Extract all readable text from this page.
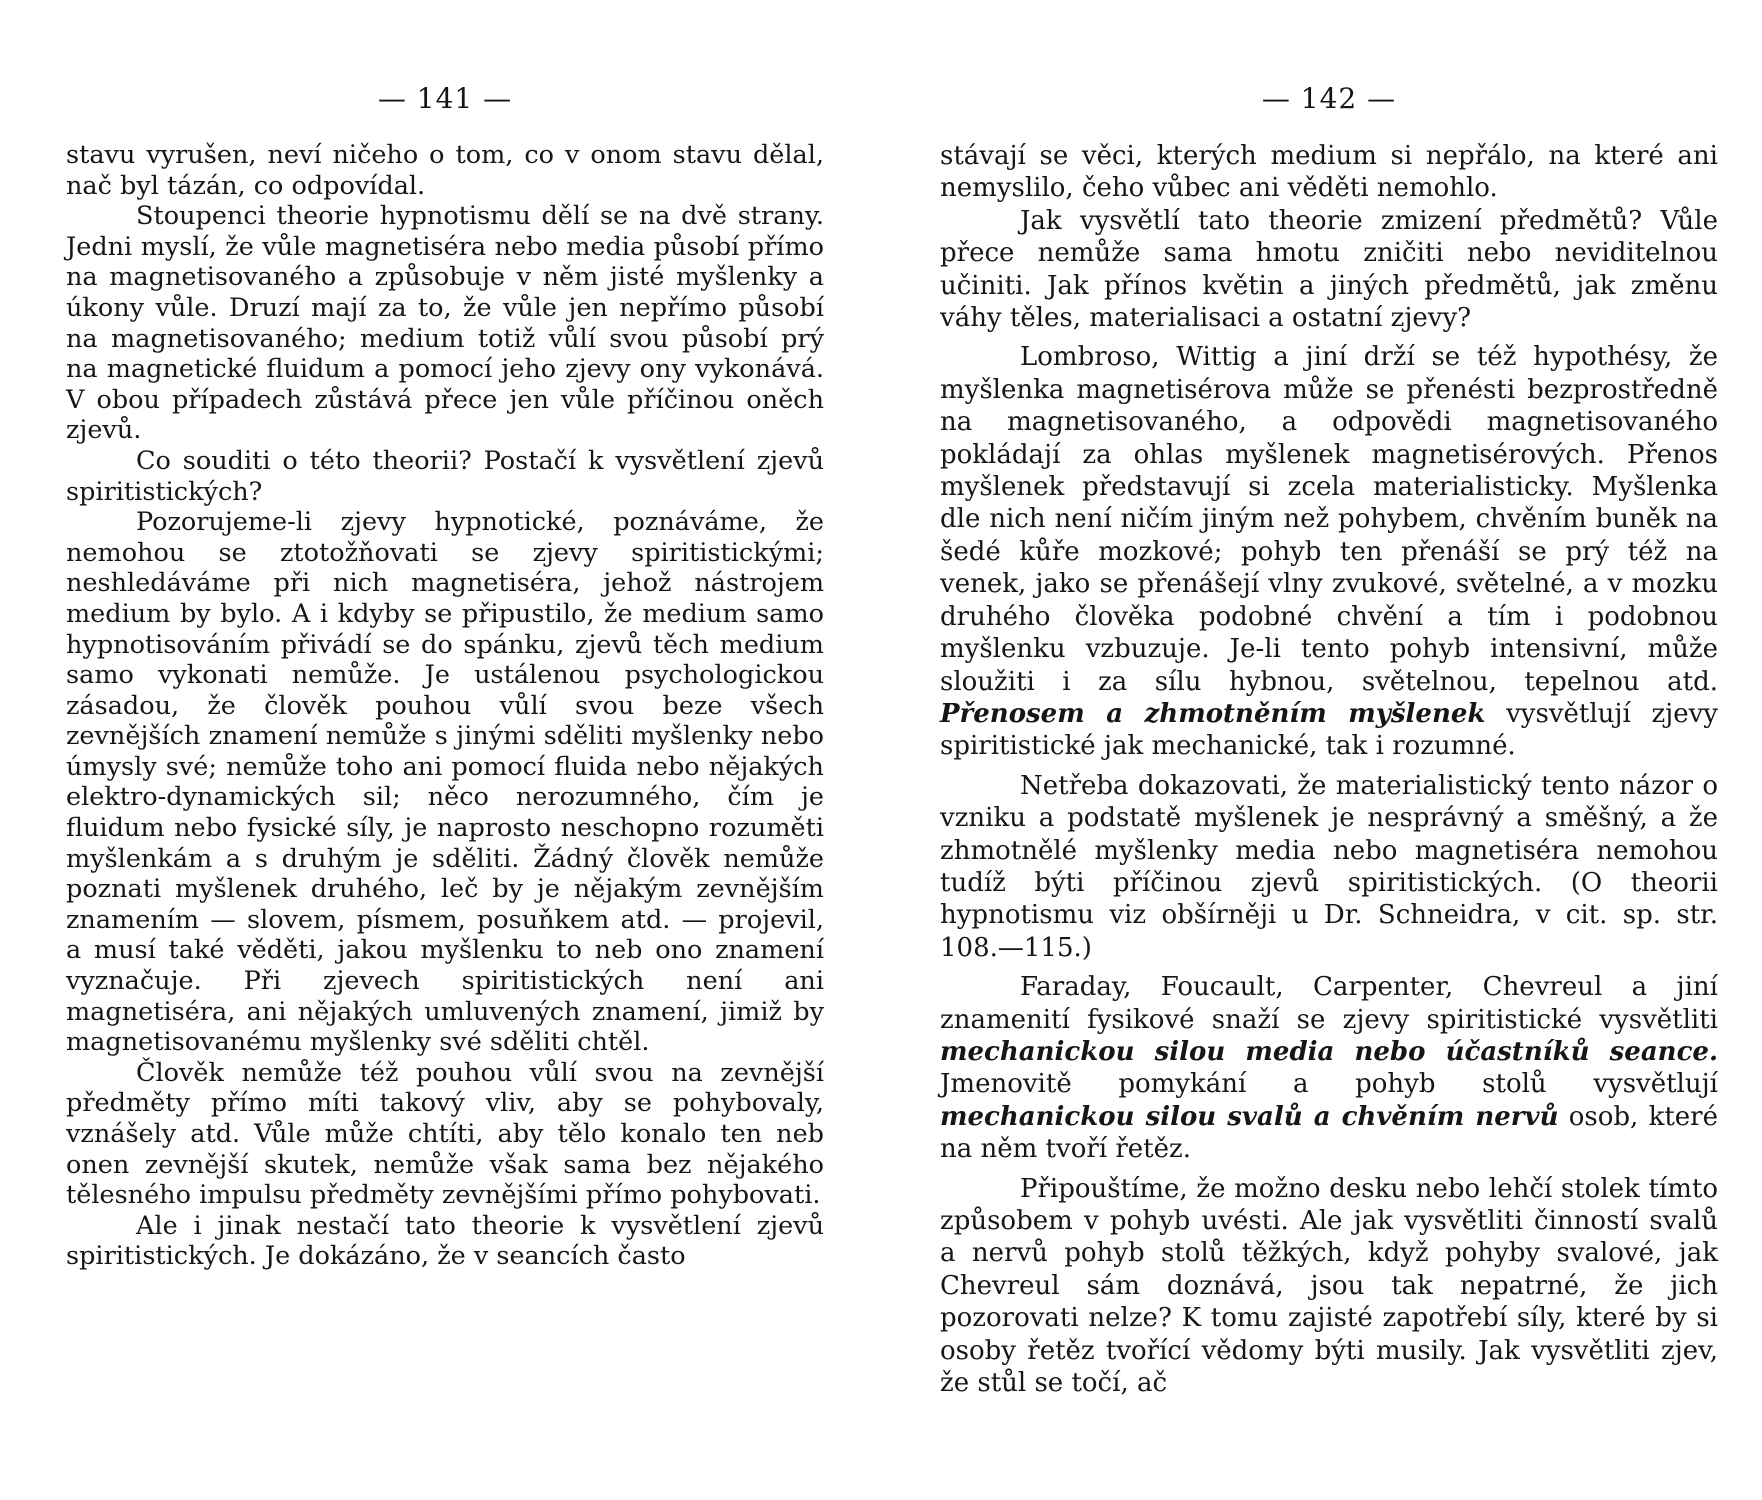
— 141 —

stavu vyrušen, neví ničeho o tom, co v onom stavu dělal, nač byl tázán, co odpovídal.

Stoupenci theorie hypnotismu dělí se na dvě strany. Jedni myslí, že vůle magnetiséra nebo media působí přímo na magnetisovaného a způsobuje v něm jisté myšlenky a úkony vůle. Druzí mají za to, že vůle jen nepřímo působí na magnetisovaného; medium totiž vůlí svou působí prý na magnetické fluidum a pomocí jeho zjevy ony vykonává. V obou případech zůstává přece jen vůle příčinou oněch zjevů.

Co souditi o této theorii? Postačí k vysvětlení zjevů spiritistických?

Pozorujeme-li zjevy hypnotické, poznáváme, že nemohou se ztotožňovati se zjevy spiritistickými; neshledáváme při nich magnetiséra, jehož nástrojem medium by bylo. A i kdyby se připustilo, že medium samo hypnotisováním přivádí se do spánku, zjevů těch medium samo vykonati nemůže. Je ustálenou psychologickou zásadou, že člověk pouhou vůlí svou beze všech zevnějších znamení nemůže s jinými sděliti myšlenky nebo úmysly své; nemůže toho ani pomocí fluida nebo nějakých elektro-dynamických sil; něco nerozumného, čím je fluidum nebo fysické síly, je naprosto neschopno rozuměti myšlenkám a s druhým je sděliti. Žádný člověk nemůže poznati myšlenek druhého, leč by je nějakým zevnějším znamením — slovem, písmem, posuňkem atd. — projevil, a musí také věděti, jakou myšlenku to neb ono znamení vyznačuje. Při zjevech spiritistických není ani magnetiséra, ani nějakých umluvených znamení, jimiž by magnetisovanému myšlenky své sděliti chtěl.

Člověk nemůže též pouhou vůlí svou na zevnější předměty přímo míti takový vliv, aby se pohybovaly, vznášely atd. Vůle může chtíti, aby tělo konalo ten neb onen zevnější skutek, nemůže však sama bez nějakého tělesného impulsu předměty zevnějšími přímo pohybovati.

Ale i jinak nestačí tato theorie k vysvětlení zjevů spiritistických. Je dokázáno, že v seancích často

— 142 —

stávají se věci, kterých medium si nepřálo, na které ani nemyslilo, čeho vůbec ani věděti nemohlo.

Jak vysvětlí tato theorie zmizení předmětů? Vůle přece nemůže sama hmotu zničiti nebo neviditelnou učiniti. Jak přínos květin a jiných předmětů, jak změnu váhy těles, materialisaci a ostatní zjevy?

Lombroso, Wittig a jiní drží se též hypothésy, že myšlenka magnetisérova může se přenésti bezprostředně na magnetisovaného, a odpovědi magnetisovaného pokládají za ohlas myšlenek magnetisérových. Přenos myšlenek představují si zcela materialisticky. Myšlenka dle nich není ničím jiným než pohybem, chvěním buněk na šedé kůře mozkové; pohyb ten přenáší se prý též na venek, jako se přenášejí vlny zvukové, světelné, a v mozku druhého člověka podobné chvění a tím i podobnou myšlenku vzbuzuje. Je-li tento pohyb intensivní, může sloužiti i za sílu hybnou, světelnou, tepelnou atd. Přenosem a zhmotněním myšlenek vysvětlují zjevy spiritistické jak mechanické, tak i rozumné.

Netřeba dokazovati, že materialistický tento názor o vzniku a podstatě myšlenek je nesprávný a směšný, a že zhmotnělé myšlenky media nebo magnetiséra nemohou tudíž býti příčinou zjevů spiritistických. (O theorii hypnotismu viz obšírněji u Dr. Schneidra, v cit. sp. str. 108.—115.)

Faraday, Foucault, Carpenter, Chevreul a jiní znamenití fysikové snaží se zjevy spiritistické vysvětliti mechanickou silou media nebo účastníků seance. Jmenovitě pomykání a pohyb stolů vysvětlují mechanickou silou svalů a chvěním nervů osob, které na něm tvoří řetěz.

Připouštíme, že možno desku nebo lehčí stolek tímto způsobem v pohyb uvésti. Ale jak vysvětliti činností svalů a nervů pohyb stolů těžkých, když pohyby svalové, jak Chevreul sám doznává, jsou tak nepatrné, že jich pozorovati nelze? K tomu zajisté zapotřebí síly, které by si osoby řetěz tvořící vědomy býti musily. Jak vysvětliti zjev, že stůl se točí, ač
